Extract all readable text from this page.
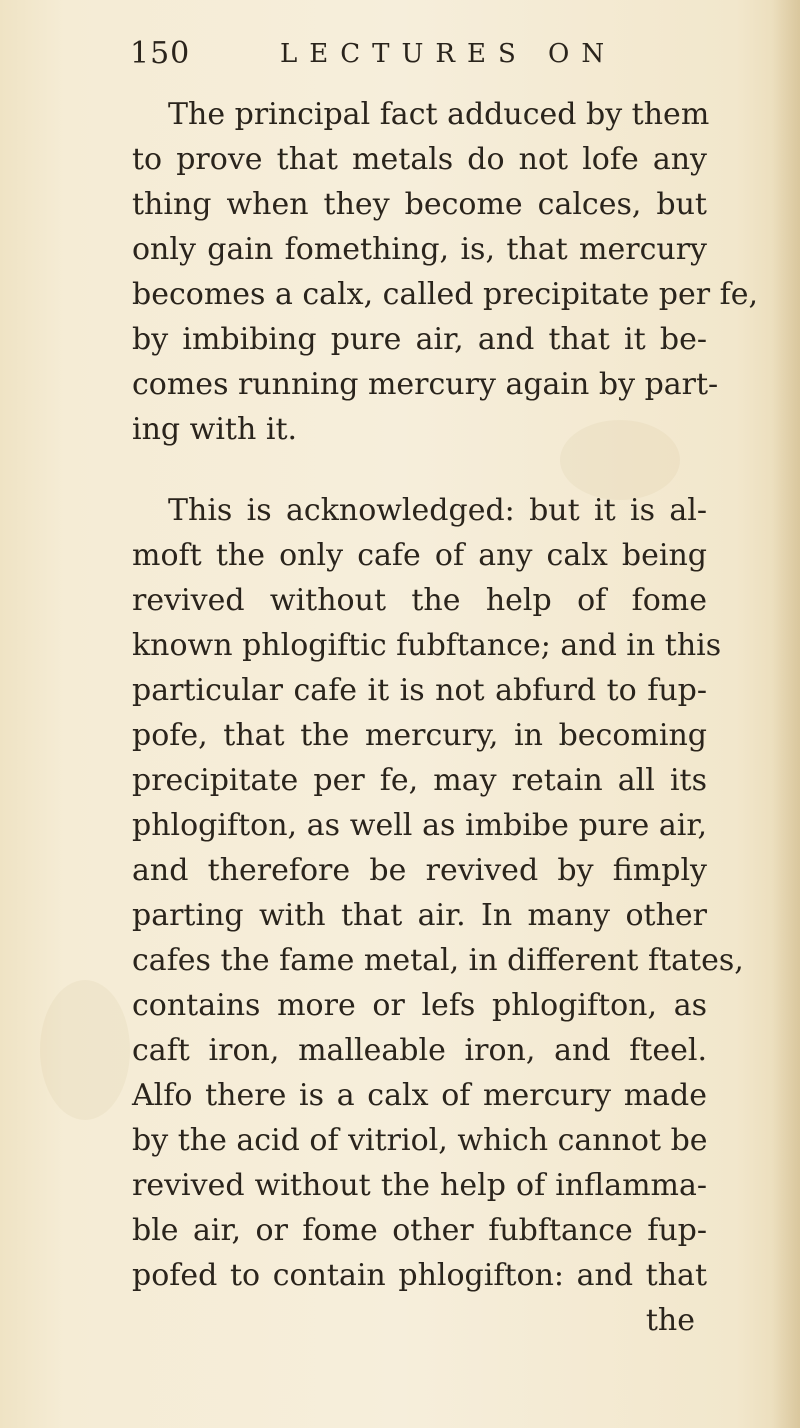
150	LECTURES ON
The principal fact adduced by them
to prove that metals do not lofe any
thing when they become calces, but
only gain fomething, is, that mercury
becomes a calx, called precipitate per fe,
by imbibing pure air, and that it be-
comes running mercury again by part-
ing with it.
This is acknowledged: but it is al-
moft the only cafe of any calx being
revived without the help of fome
known phlogiftic fubftance; and in this
particular cafe it is not abfurd to fup-
pofe, that the mercury, in becoming
precipitate per fe, may retain all its
phlogifton, as well as imbibe pure air,
and therefore be revived by fimply
parting with that air. In many other
cafes the fame metal, in different ftates,
contains more or lefs phlogifton, as
caft iron, malleable iron, and fteel.
Alfo there is a calx of mercury made
by the acid of vitriol, which cannot be
revived without the help of inflamma-
ble air, or fome other fubftance fup-
pofed to contain phlogifton: and that
the
